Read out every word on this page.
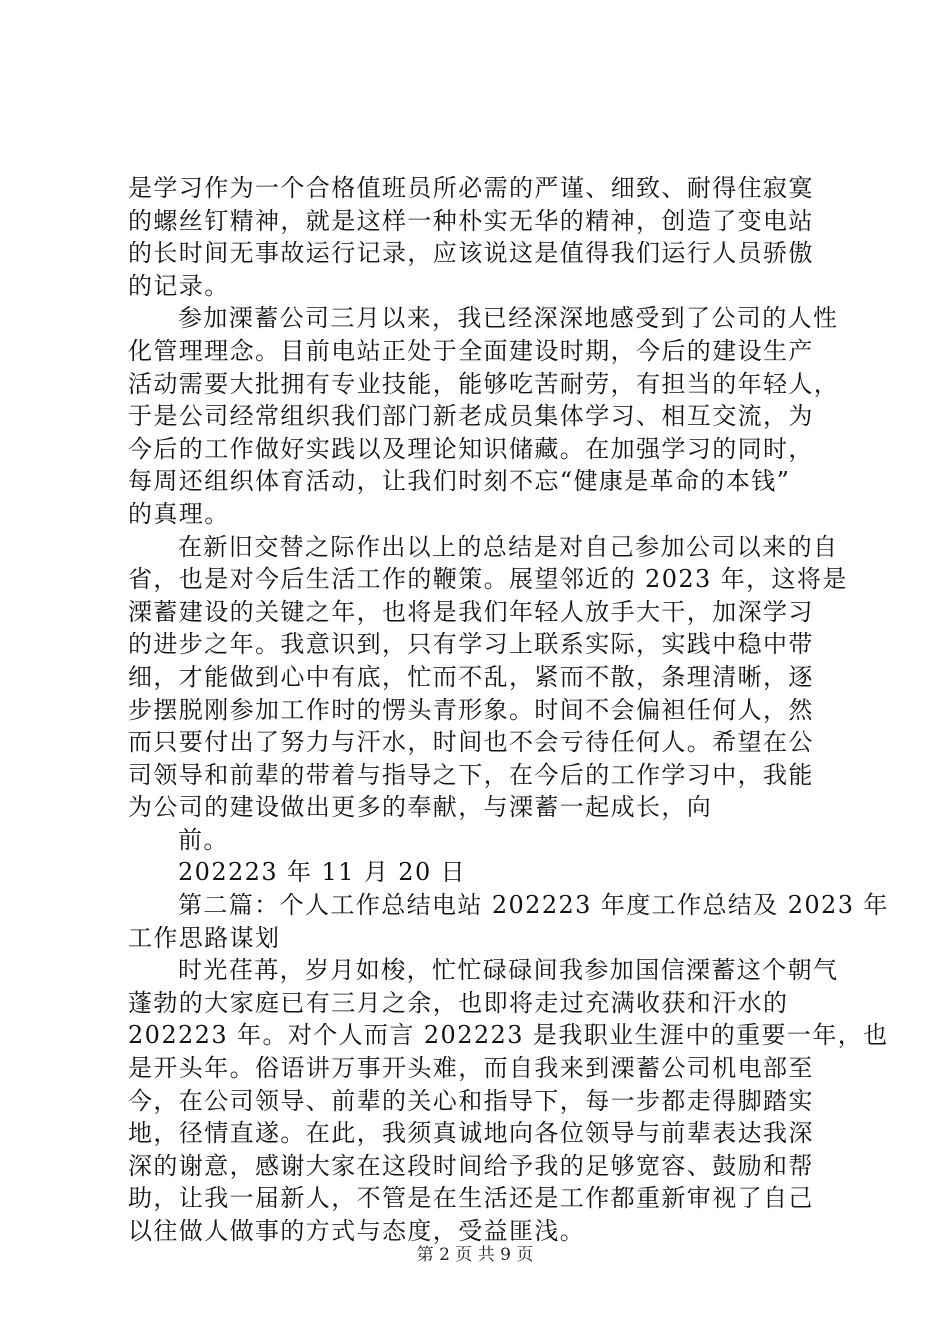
是学习作为一个合格值班员所必需的严谨、细致、耐得住寂寞
的螺丝钉精神，就是这样一种朴实无华的精神，创造了变电站
的长时间无事故运行记录，应该说这是值得我们运行人员骄傲
的记录。
参加溧蓄公司三月以来，我已经深深地感受到了公司的人性
化管理理念。目前电站正处于全面建设时期，今后的建设生产
活动需要大批拥有专业技能，能够吃苦耐劳，有担当的年轻人，
于是公司经常组织我们部门新老成员集体学习、相互交流，为
今后的工作做好实践以及理论知识储藏。在加强学习的同时，
每周还组织体育活动，让我们时刻不忘“健康是革命的本钱”
的真理。
在新旧交替之际作出以上的总结是对自己参加公司以来的自
省，也是对今后生活工作的鞭策。展望邻近的 2023 年，这将是
溧蓄建设的关键之年，也将是我们年轻人放手大干，加深学习
的进步之年。我意识到，只有学习上联系实际，实践中稳中带
细，才能做到心中有底，忙而不乱，紧而不散，条理清晰，逐
步摆脱刚参加工作时的愣头青形象。时间不会偏袒任何人，然
而只要付出了努力与汗水，时间也不会亏待任何人。希望在公
司领导和前辈的带着与指导之下，在今后的工作学习中，我能
为公司的建设做出更多的奉献，与溧蓄一起成长，向
前。
202223 年 11 月 20 日
第二篇：个人工作总结电站 202223 年度工作总结及 2023 年
工作思路谋划
时光荏苒，岁月如梭，忙忙碌碌间我参加国信溧蓄这个朝气
蓬勃的大家庭已有三月之余，也即将走过充满收获和汗水的
202223 年。对个人而言 202223 是我职业生涯中的重要一年，也
是开头年。俗语讲万事开头难，而自我来到溧蓄公司机电部至
今，在公司领导、前辈的关心和指导下，每一步都走得脚踏实
地，径情直遂。在此，我须真诚地向各位领导与前辈表达我深
深的谢意，感谢大家在这段时间给予我的足够宽容、鼓励和帮
助，让我一届新人，不管是在生活还是工作都重新审视了自己
以往做人做事的方式与态度，受益匪浅。
第 2 页 共 9 页
